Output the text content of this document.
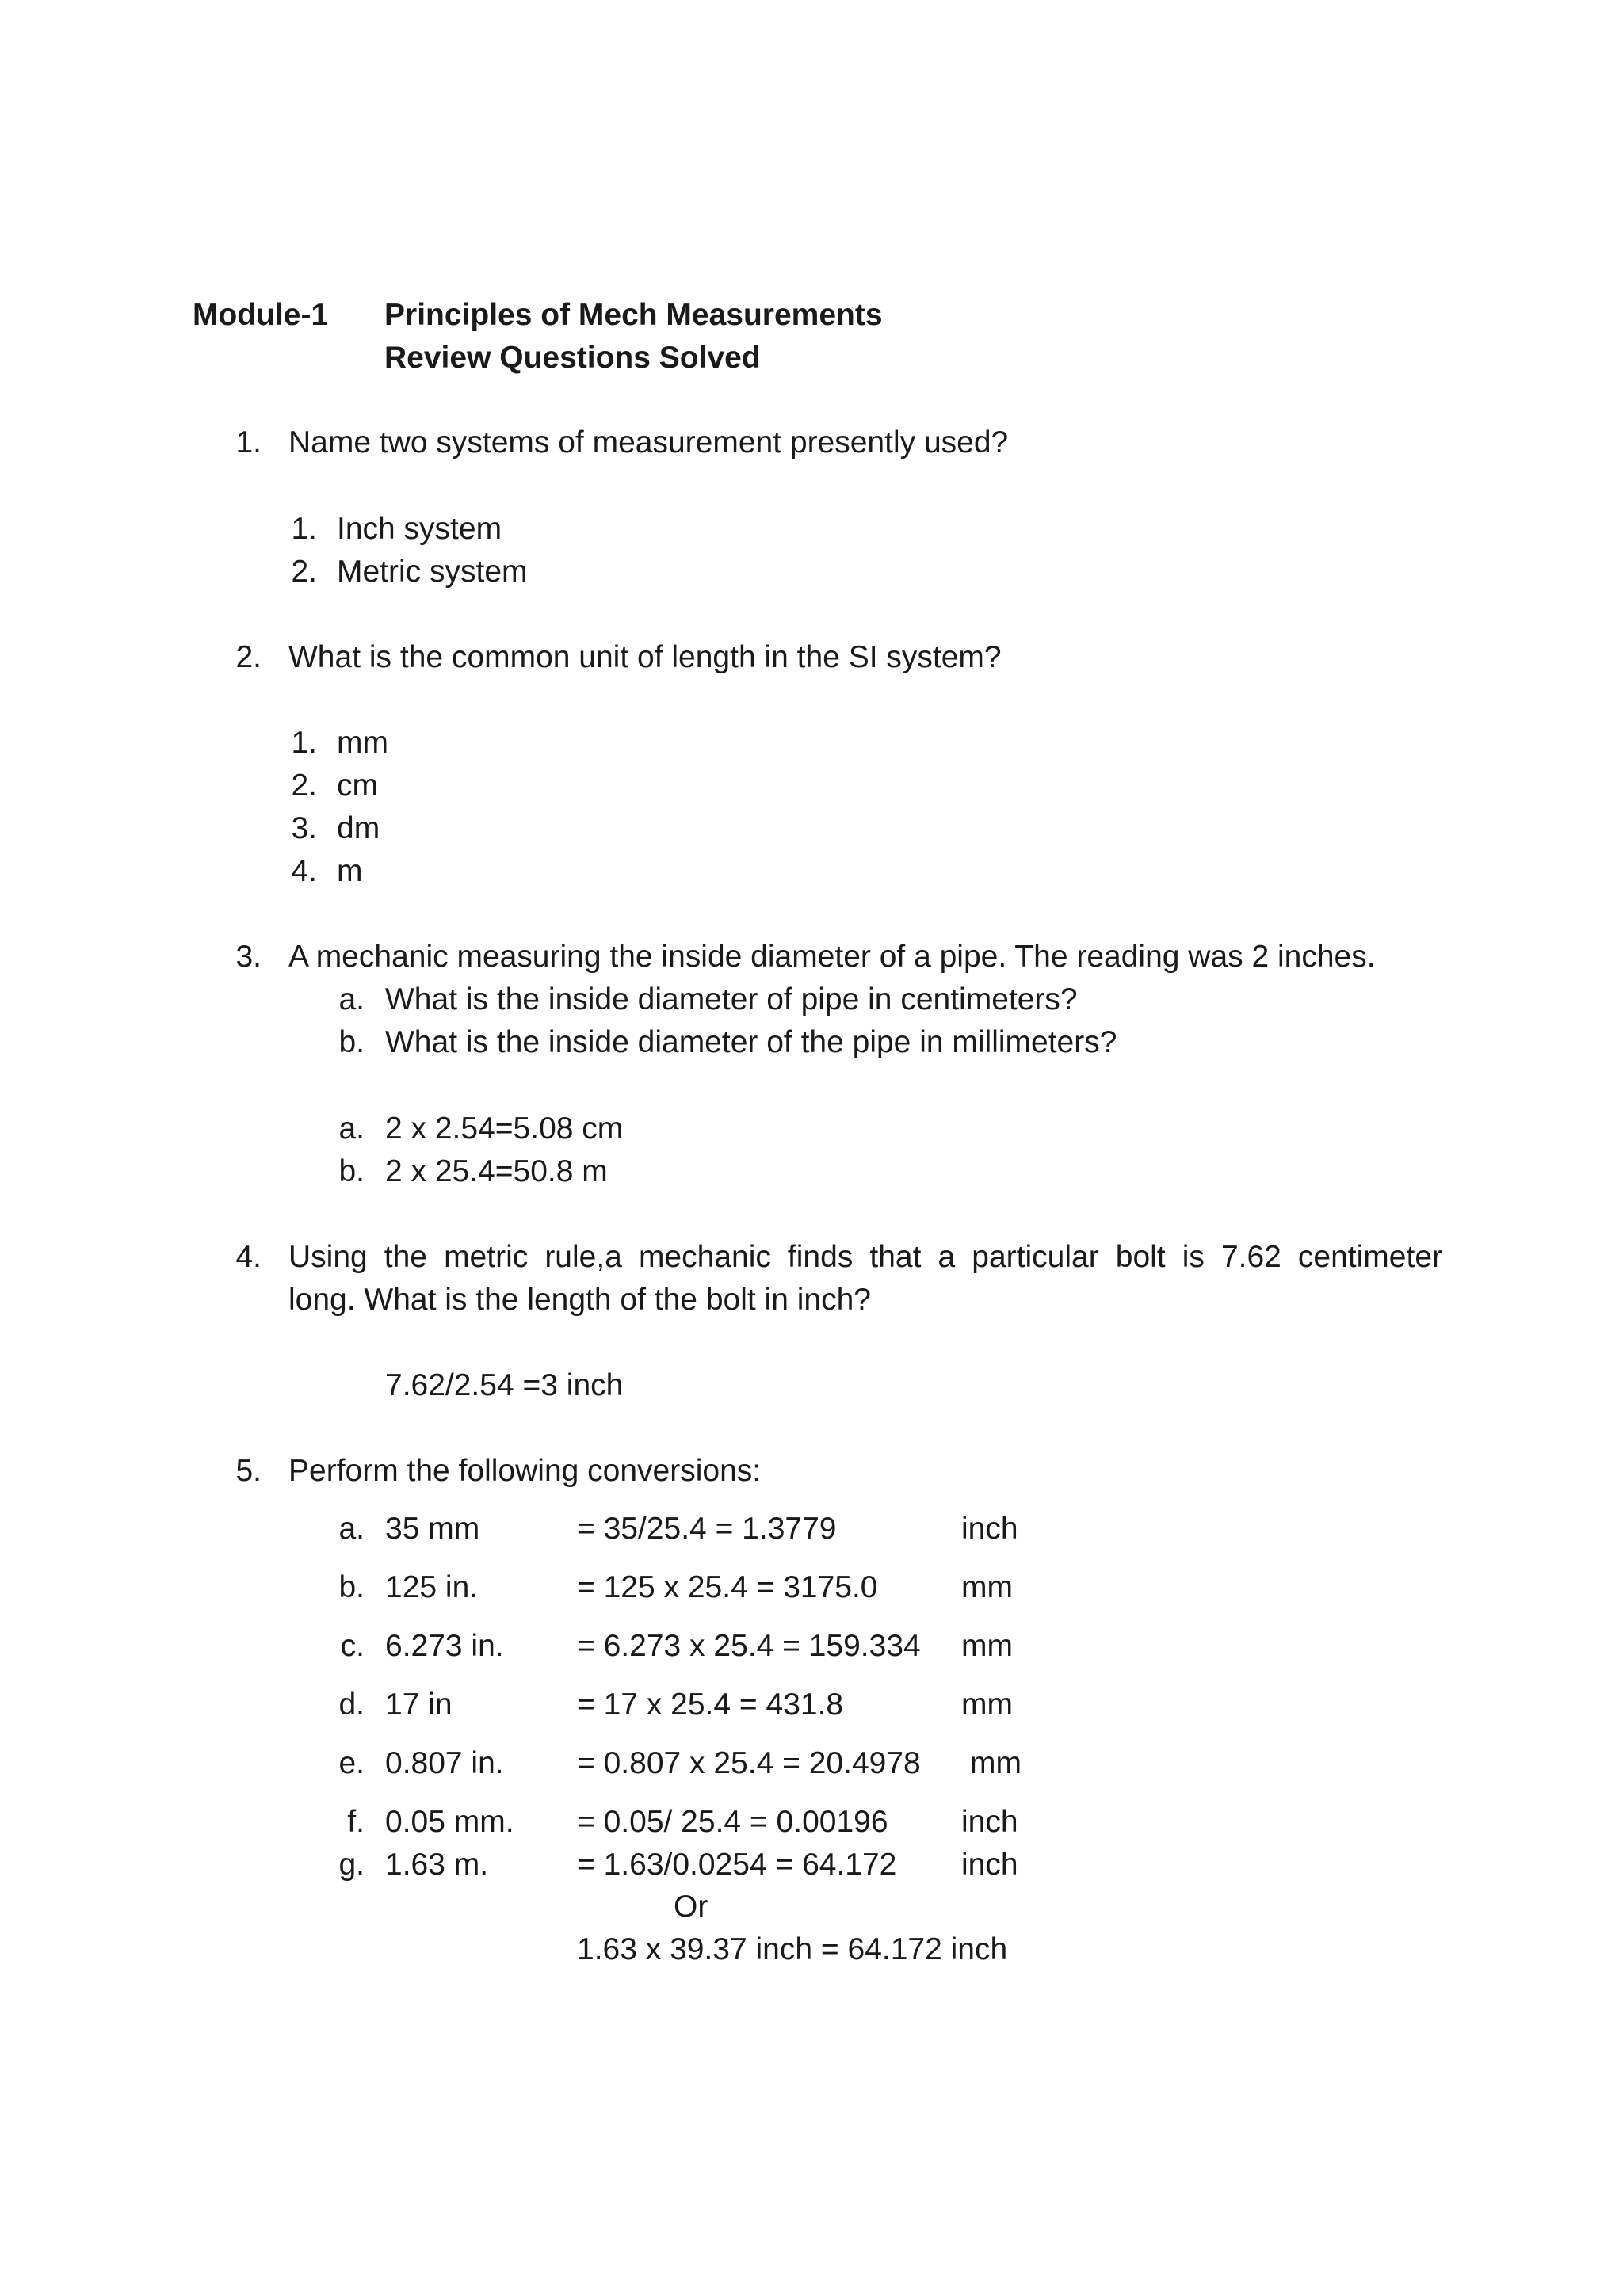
Module-1 Principles of Mech Measurements
Review Questions Solved
1. Name two systems of measurement presently used?
1. Inch system
2. Metric system
2. What is the common unit of length in the SI system?
1. mm
2. cm
3. dm
4. m
3. A mechanic measuring the inside diameter of a pipe. The reading was 2 inches.
a. What is the inside diameter of pipe in centimeters?
b. What is the inside diameter of the pipe in millimeters?
a. 2 x 2.54=5.08 cm
b. 2 x 25.4=50.8 m
4. Using the metric rule,a mechanic finds that a particular bolt is 7.62 centimeter
long. What is the length of the bolt in inch?
7.62/2.54 =3 inch
5. Perform the following conversions:
a. 35 mm	= 35/25.4 = 1.3779	inch
b. 125 in.	= 125 x 25.4 = 3175.0	mm
c. 6.273 in. = 6.273 x 25.4 = 159.334 mm
d. 17 in	= 17 x 25.4 = 431.8	mm
e. 0.807 in. = 0.807 x 25.4 = 20.4978 mm
f. 0.05 mm. = 0.05/ 25.4 = 0.00196 inch
g. 1.63 m.	= 1.63/0.0254 = 64.172 inch
Or
1.63 x 39.37 inch = 64.172 inch
